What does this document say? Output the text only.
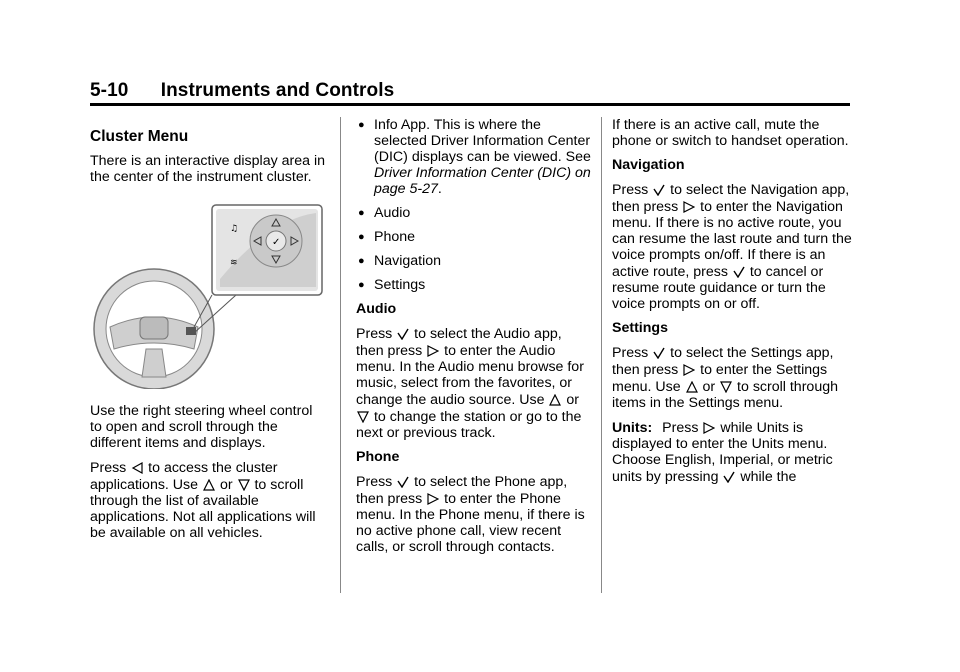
5-10      Instruments and Controls
Cluster Menu

There is an interactive display area in the center of the instrument cluster.

✓
♫
≋

Use the right steering wheel control to open and scroll through the different items and displays.

Press to access the cluster applications. Use or to scroll through the list of available applications. Not all applications will be available on all vehicles.

● Info App. This is where the selected Driver Information Center (DIC) displays can be viewed. See Driver Information Center (DIC) on page 5-27.
● Audio
● Phone
● Navigation
● Settings
Audio

Press to select the Audio app, then press to enter the Audio menu. In the Audio menu browse for music, select from the favorites, or change the audio source. Use or  to change the station or go to the next or previous track.

Phone

Press to select the Phone app, then press to enter the Phone menu. In the Phone menu, if there is no active phone call, view recent calls, or scroll through contacts.

If there is an active call, mute the phone or switch to handset operation.

Navigation

Press to select the Navigation app, then press to enter the Navigation menu. If there is no active route, you can resume the last route and turn the voice prompts on/off. If there is an active route, press to cancel or resume route guidance or turn the voice prompts on or off.

Settings

Press to select the Settings app, then press to enter the Settings menu. Use or to scroll through items in the Settings menu.

Units: Press while Units is displayed to enter the Units menu. Choose English, Imperial, or metric units by pressing while the
